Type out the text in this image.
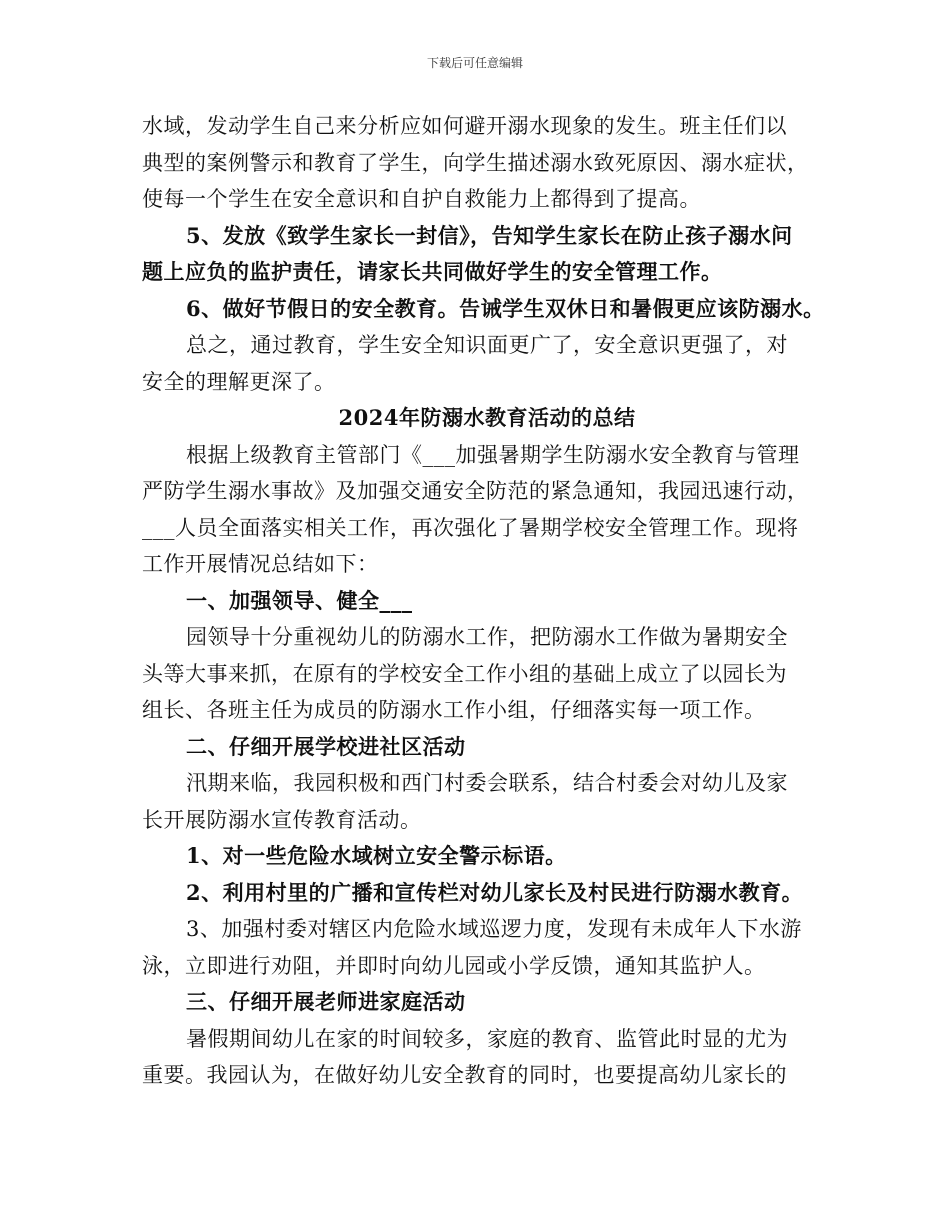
下载后可任意编辑

水域，发动学生自己来分析应如何避开溺水现象的发生。班主任们以

典型的案例警示和教育了学生，向学生描述溺水致死原因、溺水症状，

使每一个学生在安全意识和自护自救能力上都得到了提高。

5、发放《致学生家长一封信》，告知学生家长在防止孩子溺水问

题上应负的监护责任，请家长共同做好学生的安全管理工作。

6、做好节假日的安全教育。告诫学生双休日和暑假更应该防溺水。

总之，通过教育，学生安全知识面更广了，安全意识更强了，对

安全的理解更深了。

2024年防溺水教育活动的总结

根据上级教育主管部门《___加强暑期学生防溺水安全教育与管理

严防学生溺水事故》及加强交通安全防范的紧急通知，我园迅速行动，

___人员全面落实相关工作，再次强化了暑期学校安全管理工作。现将

工作开展情况总结如下：

一、加强领导、健全___

园领导十分重视幼儿的防溺水工作，把防溺水工作做为暑期安全

头等大事来抓，在原有的学校安全工作小组的基础上成立了以园长为

组长、各班主任为成员的防溺水工作小组，仔细落实每一项工作。

二、仔细开展学校进社区活动

汛期来临，我园积极和西门村委会联系，结合村委会对幼儿及家

长开展防溺水宣传教育活动。

1、对一些危险水域树立安全警示标语。

2、利用村里的广播和宣传栏对幼儿家长及村民进行防溺水教育。

3、加强村委对辖区内危险水域巡逻力度，发现有未成年人下水游

泳，立即进行劝阻，并即时向幼儿园或小学反馈，通知其监护人。

三、仔细开展老师进家庭活动

暑假期间幼儿在家的时间较多，家庭的教育、监管此时显的尤为

重要。我园认为，在做好幼儿安全教育的同时，也要提高幼儿家长的
